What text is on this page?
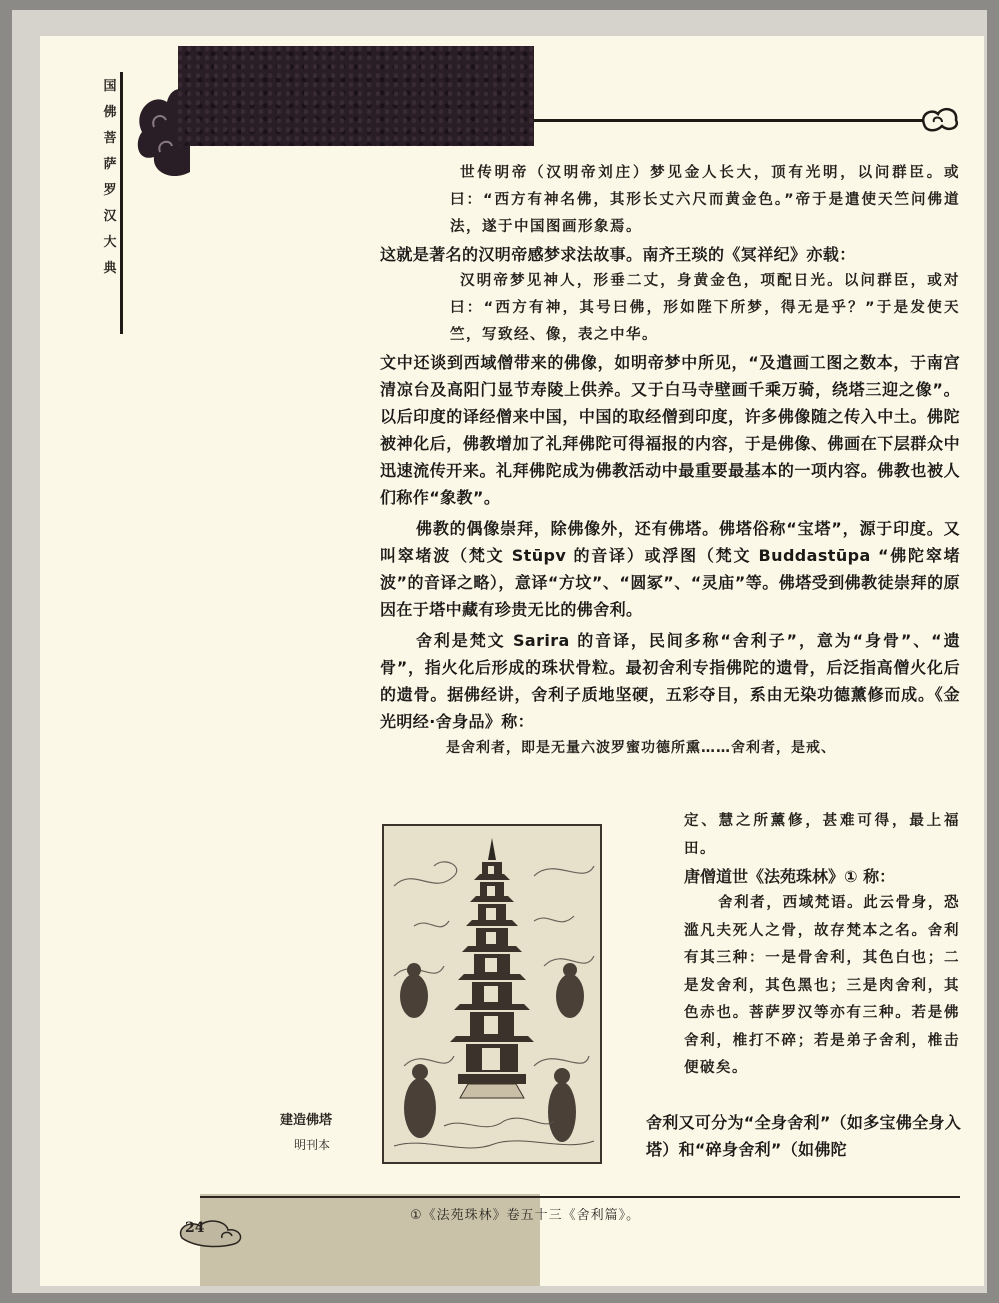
国
佛
菩
萨
罗
汉
大
典

世传明帝（汉明帝刘庄）梦见金人长大，顶有光明，以问群臣。或曰：“西方有神名佛，其形长丈六尺而黄金色。”帝于是遣使天竺问佛道法，遂于中国图画形象焉。

这就是著名的汉明帝感梦求法故事。南齐王琰的《冥祥纪》亦载：

汉明帝梦见神人，形垂二丈，身黄金色，项配日光。以问群臣，或对曰：“西方有神，其号曰佛，形如陛下所梦，得无是乎？”于是发使天竺，写致经、像，表之中华。

文中还谈到西域僧带来的佛像，如明帝梦中所见，“及遣画工图之数本，于南宫清凉台及高阳门显节寿陵上供养。又于白马寺壁画千乘万骑，绕塔三迎之像”。以后印度的译经僧来中国，中国的取经僧到印度，许多佛像随之传入中土。佛陀被神化后，佛教增加了礼拜佛陀可得福报的内容，于是佛像、佛画在下层群众中迅速流传开来。礼拜佛陀成为佛教活动中最重要最基本的一项内容。佛教也被人们称作“象教”。

佛教的偶像崇拜，除佛像外，还有佛塔。佛塔俗称“宝塔”，源于印度。又叫窣堵波（梵文 Stūpv 的音译）或浮图（梵文 Buddastūpa “佛陀窣堵波”的音译之略），意译“方坟”、“圆冢”、“灵庙”等。佛塔受到佛教徒崇拜的原因在于塔中藏有珍贵无比的佛舍利。

舍利是梵文 Sarira 的音译，民间多称“舍利子”，意为“身骨”、“遗骨”，指火化后形成的珠状骨粒。最初舍利专指佛陀的遗骨，后泛指高僧火化后的遗骨。据佛经讲，舍利子质地坚硬，五彩夺目，系由无染功德薰修而成。《金光明经·舍身品》称：

是舍利者，即是无量六波罗蜜功德所熏……舍利者，是戒、

建造佛塔
明刊本

定、慧之所薰修，甚难可得，最上福田。

唐僧道世《法苑珠林》① 称：

舍利者，西域梵语。此云骨身，恐滥凡夫死人之骨，故存梵本之名。舍利有其三种：一是骨舍利，其色白也；二是发舍利，其色黑也；三是肉舍利，其色赤也。菩萨罗汉等亦有三种。若是佛舍利，椎打不碎；若是弟子舍利，椎击便破矣。

舍利又可分为“全身舍利”（如多宝佛全身入塔）和“碎身舍利”（如佛陀
①《法苑珠林》卷五十三《舍利篇》。
24
